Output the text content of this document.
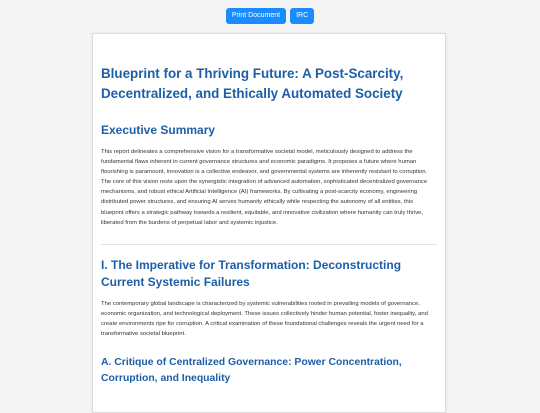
Print Document	IRC
Blueprint for a Thriving Future: A Post-Scarcity, Decentralized, and Ethically Automated Society
Executive Summary

This report delineates a comprehensive vision for a transformative societal model, meticulously designed to address the fundamental flaws inherent in current governance structures and economic paradigms. It proposes a future where human flourishing is paramount, innovation is a collective endeavor, and governmental systems are inherently resistant to corruption. The core of this vision rests upon the synergistic integration of advanced automation, sophisticated decentralized governance mechanisms, and robust ethical Artificial Intelligence (AI) frameworks. By cultivating a post-scarcity economy, engineering distributed power structures, and ensuring AI serves humanity ethically while respecting the autonomy of all entities, this blueprint offers a strategic pathway towards a resilient, equitable, and innovative civilization where humanity can truly thrive, liberated from the burdens of perpetual labor and systemic injustice.

I. The Imperative for Transformation: Deconstructing Current Systemic Failures

The contemporary global landscape is characterized by systemic vulnerabilities rooted in prevailing models of governance, economic organization, and technological deployment. These issues collectively hinder human potential, foster inequality, and create environments ripe for corruption. A critical examination of these foundational challenges reveals the urgent need for a transformative societal blueprint.

A. Critique of Centralized Governance: Power Concentration, Corruption, and Inequality
